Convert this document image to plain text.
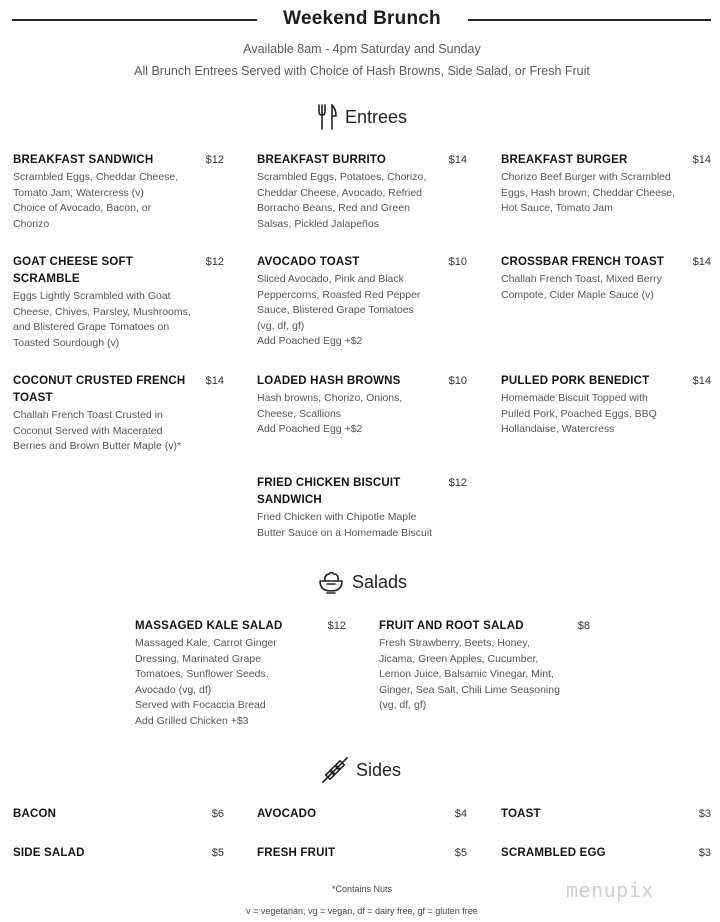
Weekend Brunch
Available 8am - 4pm Saturday and Sunday
All Brunch Entrees Served with Choice of Hash Browns, Side Salad, or Fresh Fruit
Entrees
BREAKFAST SANDWICH	$12
Scrambled Eggs, Cheddar Cheese,
Tomato Jam, Watercress (v)
Choice of Avocado, Bacon, or
Chorizo
BREAKFAST BURRITO	$14
Scrambled Eggs, Potatoes, Chorizo,
Cheddar Cheese, Avocado, Refried
Borracho Beans, Red and Green
Salsas, Pickled Jalapeños
BREAKFAST BURGER	$14
Chorizo Beef Burger with Scrambled
Eggs, Hash brown, Cheddar Cheese,
Hot Sauce, Tomato Jam
GOAT CHEESE SOFT SCRAMBLE
$12
Eggs Lightly Scrambled with Goat
Cheese, Chives, Parsley, Mushrooms,
and Blistered Grape Tomatoes on
Toasted Sourdough (v)
AVOCADO TOAST	$10
Sliced Avocado, Pink and Black
Peppercorns, Roasted Red Pepper
Sauce, Blistered Grape Tomatoes
(vg, df, gf)
Add Poached Egg +$2
CROSSBAR FRENCH TOAST	$14
Challah French Toast, Mixed Berry
Compote, Cider Maple Sauce (v)
COCONUT CRUSTED FRENCH TOAST
$14
Challah French Toast Crusted in
Coconut Served with Macerated
Berries and Brown Butter Maple (v)*
LOADED HASH BROWNS	$10
Hash browns, Chorizo, Onions,
Cheese, Scallions
Add Poached Egg +$2
PULLED PORK BENEDICT	$14
Homemade Biscuit Topped with
Pulled Pork, Poached Eggs, BBQ
Hollandaise, Watercress
FRIED CHICKEN BISCUIT SANDWICH
$12
Fried Chicken with Chipotle Maple
Butter Sauce on a Homemade Biscuit
Salads
MASSAGED KALE SALAD	$12
Massaged Kale, Carrot Ginger
Dressing, Marinated Grape
Tomatoes, Sunflower Seeds,
Avocado (vg, df)
Served with Focaccia Bread
Add Grilled Chicken +$3
FRUIT AND ROOT SALAD	$8
Fresh Strawberry, Beets, Honey,
Jicama, Green Apples, Cucumber,
Lemon Juice, Balsamic Vinegar, Mint,
Ginger, Sea Salt, Chili Lime Seasoning
(vg, df, gf)
Sides
BACON	$6	AVOCADO	$4	TOAST	$3
SIDE SALAD	$5	FRESH FRUIT	$5	SCRAMBLED EGG	$3
*Contains Nuts
v = vegetarian, vg = vegan, df = dairy free, gf = gluten free
menupix
